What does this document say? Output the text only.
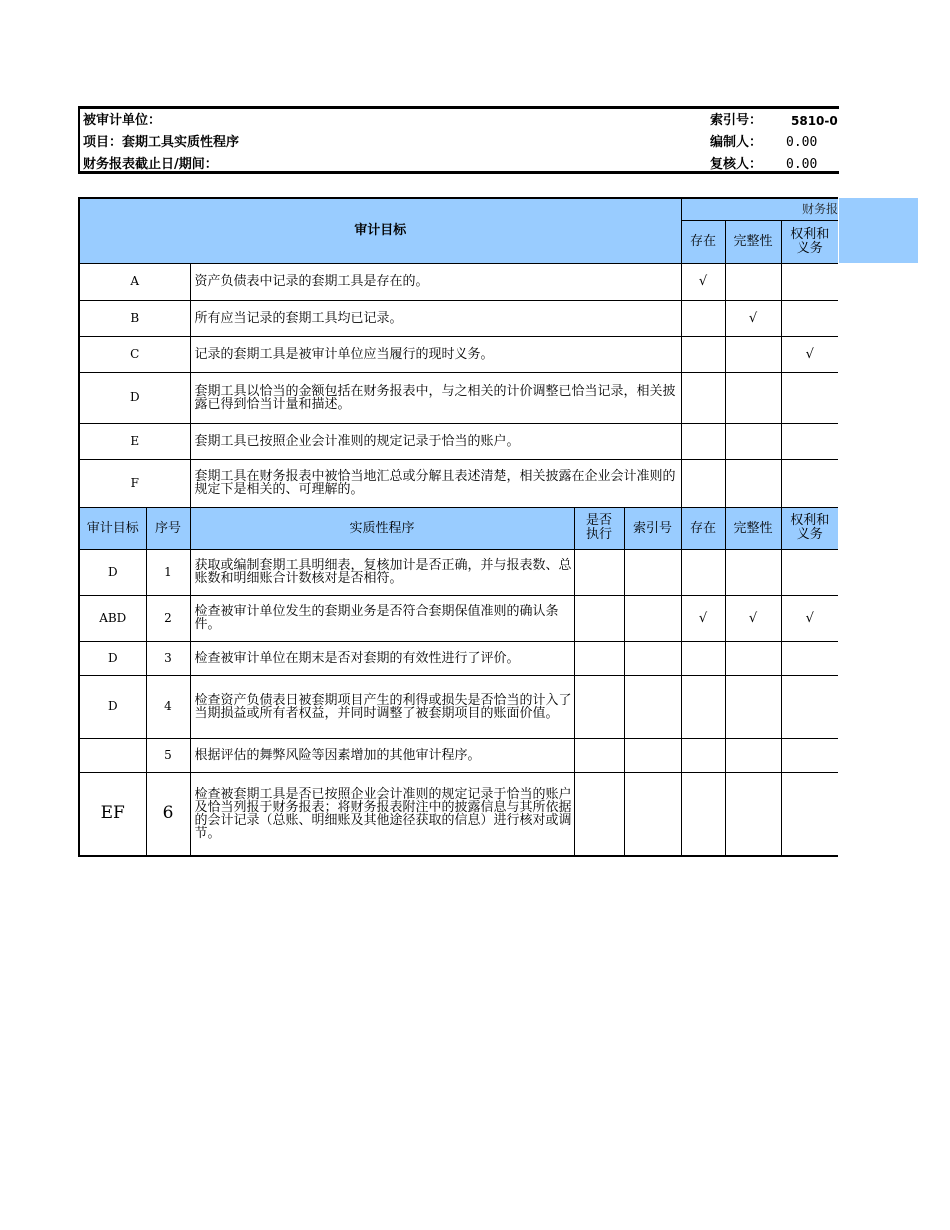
被审计单位：
项目：套期工具实质性程序
财务报表截止日/期间：
索引号： 5810-0
编制人： 0.00
复核人： 0.00
审计目标					财务报		
					存在	完整性	权利和义务

A		资产负债表中记录的套期工具是存在的。			√		
B		所有应当记录的套期工具均已记录。				√	
C		记录的套期工具是被审计单位应当履行的现时义务。					√
D		套期工具以恰当的金额包括在财务报表中，与之相关的计价调整已恰当记录，相关披露已得到恰当计量和描述。					
E		套期工具已按照企业会计准则的规定记录于恰当的账户。					
F		套期工具在财务报表中被恰当地汇总或分解且表述清楚，相关披露在企业会计准则的规定下是相关的、可理解的。					
审计目标	序号	实质性程序	是否执行	索引号	存在	完整性	权利和义务

D	1	获取或编制套期工具明细表，复核加计是否正确，并与报表数、总账数和明细账合计数核对是否相符。					
ABD	2	检查被审计单位发生的套期业务是否符合套期保值准则的确认条件。			√	√	√
D	3	检查被审计单位在期末是否对套期的有效性进行了评价。					
D	4	检查资产负债表日被套期项目产生的利得或损失是否恰当的计入了当期损益或所有者权益，并同时调整了被套期项目的账面价值。					
	5	根据评估的舞弊风险等因素增加的其他审计程序。					
EF	6	检查被套期工具是否已按照企业会计准则的规定记录于恰当的账户及恰当列报于财务报表；将财务报表附注中的披露信息与其所依据的会计记录（总账、明细账及其他途径获取的信息）进行核对或调节。					
